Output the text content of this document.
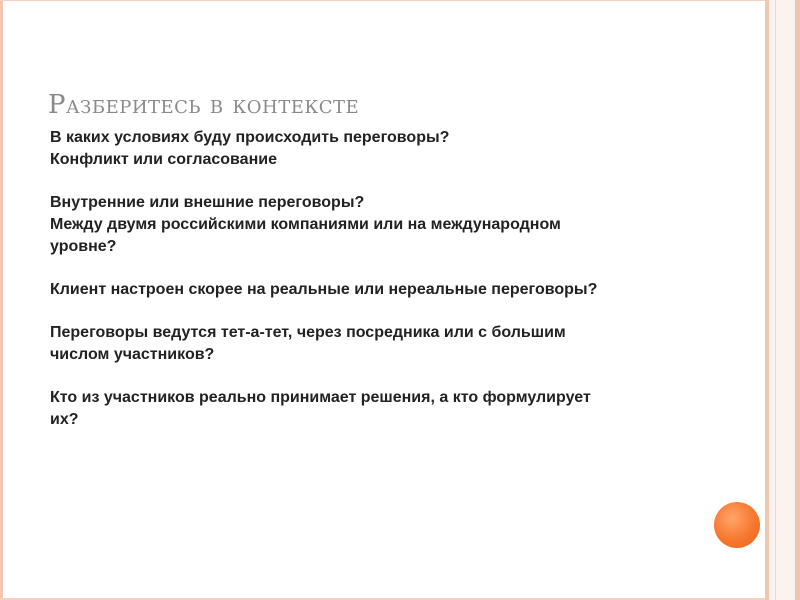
Разберитесь в контексте
В каких условиях буду происходить переговоры?
Конфликт или согласование
Внутренние или внешние переговоры?
Между двумя российскими компаниями или на международном
уровне?
Клиент настроен скорее на реальные или нереальные переговоры?
Переговоры ведутся тет-а-тет, через посредника или с большим
числом участников?
Кто из участников реально принимает решения, а кто формулирует
их?
